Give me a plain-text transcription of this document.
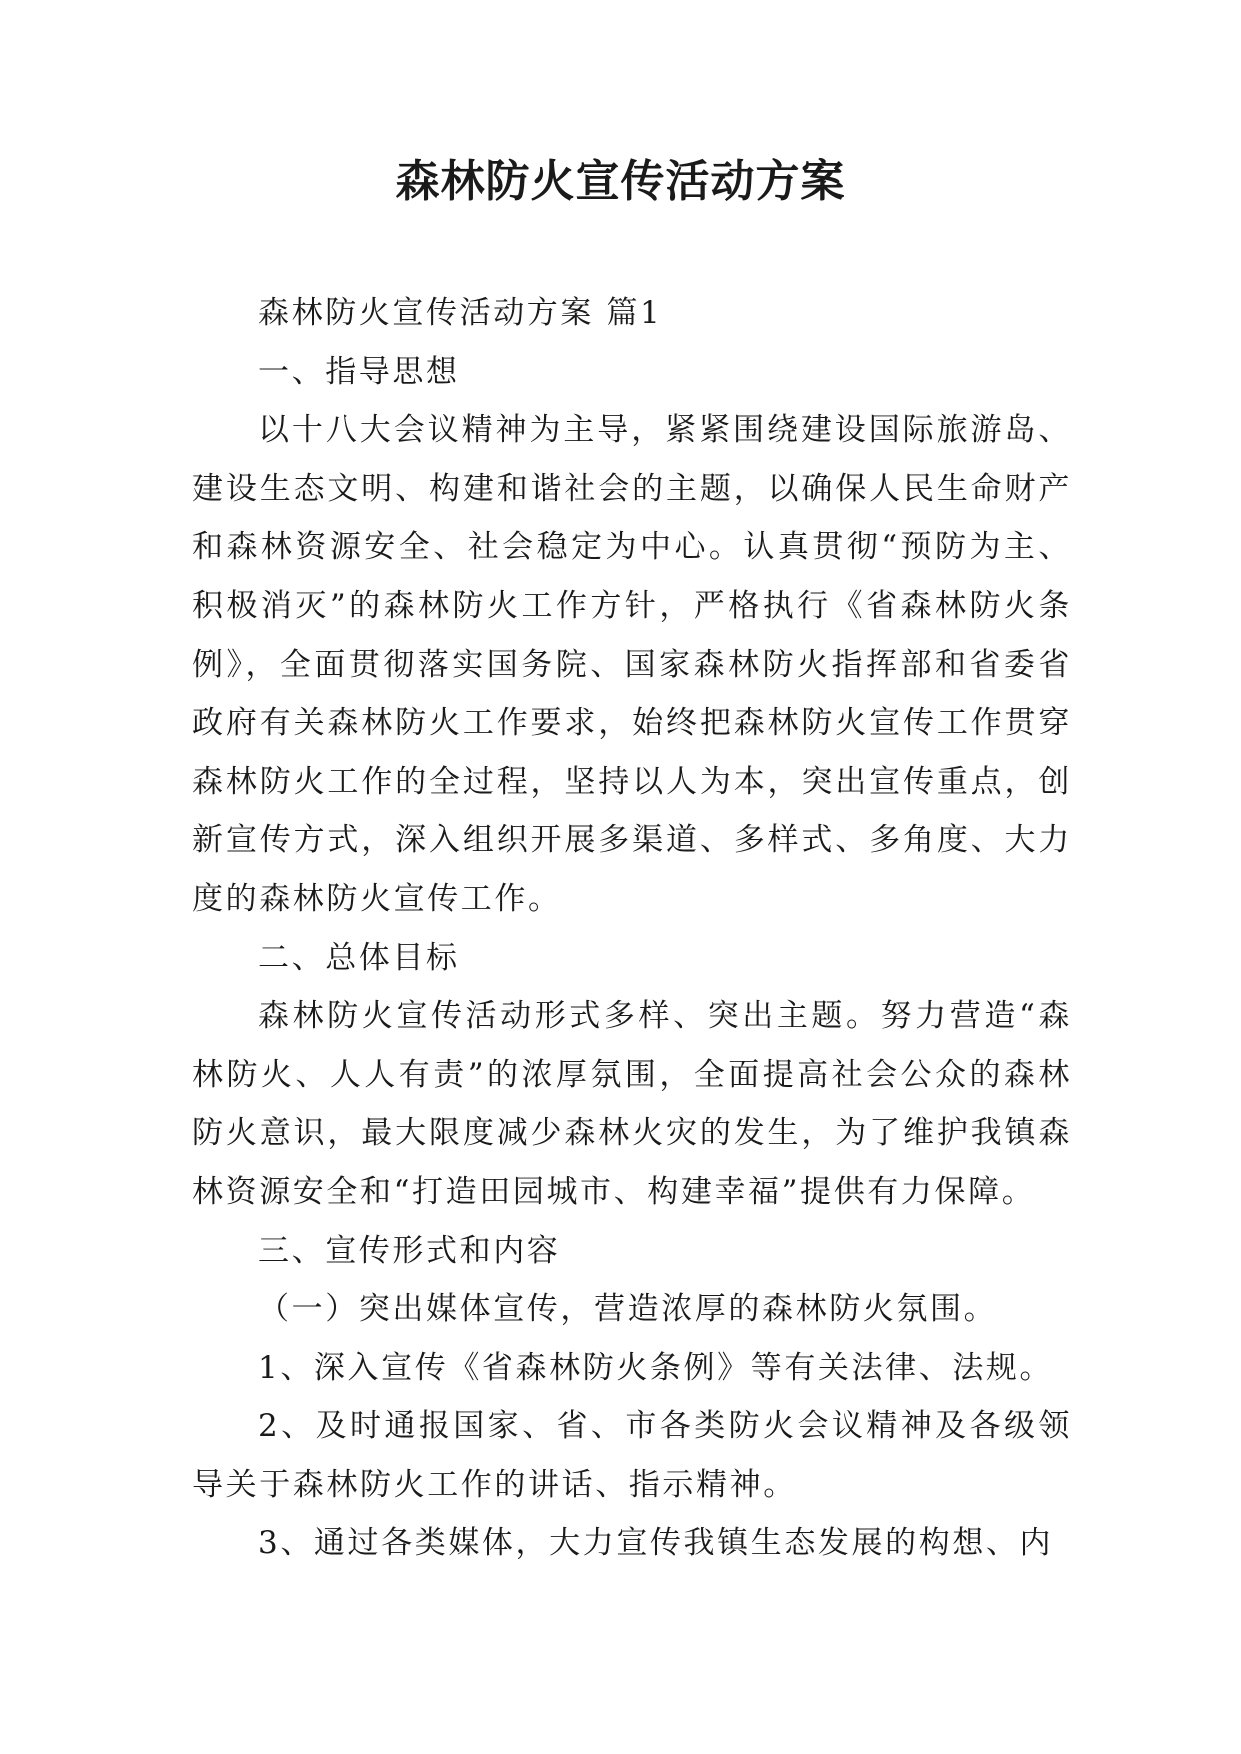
森林防火宣传活动方案

森林防火宣传活动方案 篇1

一、指导思想

以十八大会议精神为主导，紧紧围绕建设国际旅游岛、建设生态文明、构建和谐社会的主题，以确保人民生命财产和森林资源安全、社会稳定为中心。认真贯彻“预防为主、积极消灭”的森林防火工作方针，严格执行《省森林防火条例》，全面贯彻落实国务院、国家森林防火指挥部和省委省政府有关森林防火工作要求，始终把森林防火宣传工作贯穿森林防火工作的全过程，坚持以人为本，突出宣传重点，创新宣传方式，深入组织开展多渠道、多样式、多角度、大力度的森林防火宣传工作。

二、总体目标

森林防火宣传活动形式多样、突出主题。努力营造“森林防火、人人有责”的浓厚氛围，全面提高社会公众的森林防火意识，最大限度减少森林火灾的发生，为了维护我镇森林资源安全和“打造田园城市、构建幸福”提供有力保障。

三、宣传形式和内容

（一）突出媒体宣传，营造浓厚的森林防火氛围。

1、深入宣传《省森林防火条例》等有关法律、法规。

2、及时通报国家、省、市各类防火会议精神及各级领导关于森林防火工作的讲话、指示精神。

3、通过各类媒体，大力宣传我镇生态发展的构想、内
